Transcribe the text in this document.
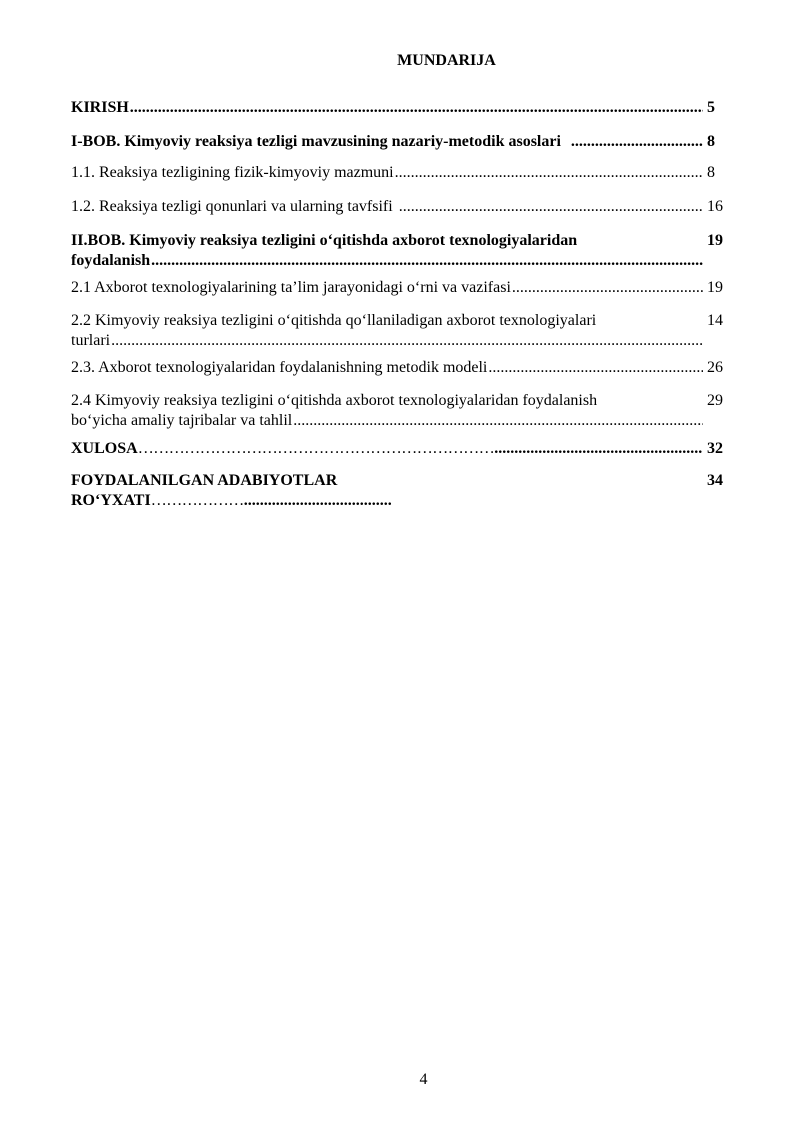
MUNDARIJA
KIRISH .....	5
I-BOB. Kimyoviy reaksiya tezligi mavzusining nazariy-metodik asoslari .....	8
1.1. Reaksiya tezligining fizik-kimyoviy mazmuni .....	8
1.2. Reaksiya tezligi qonunlari va ularning tavfsifi .....	16
II.BOB. Kimyoviy reaksiya tezligini o‘qitishda axborot texnologiyalaridan	19
foydalanish
.....
2.1 Axborot texnologiyalarining ta’lim jarayonidagi o‘rni va vazifasi .....	19
2.2 Kimyoviy reaksiya tezligini o‘qitishda qo‘llaniladigan axborot texnologiyalari	14
turlari
.....
2.3. Axborot texnologiyalaridan foydalanishning metodik modeli .....	26
2.4 Kimyoviy reaksiya tezligini o‘qitishda axborot texnologiyalaridan foydalanish	29
bo‘yicha amaliy tajribalar va tahlil
.....
XULOSA …………………………………………………………… .....	32
FOYDALANILGAN ADABIYOTLAR	34
RO‘YXATI ………………
.....
4
